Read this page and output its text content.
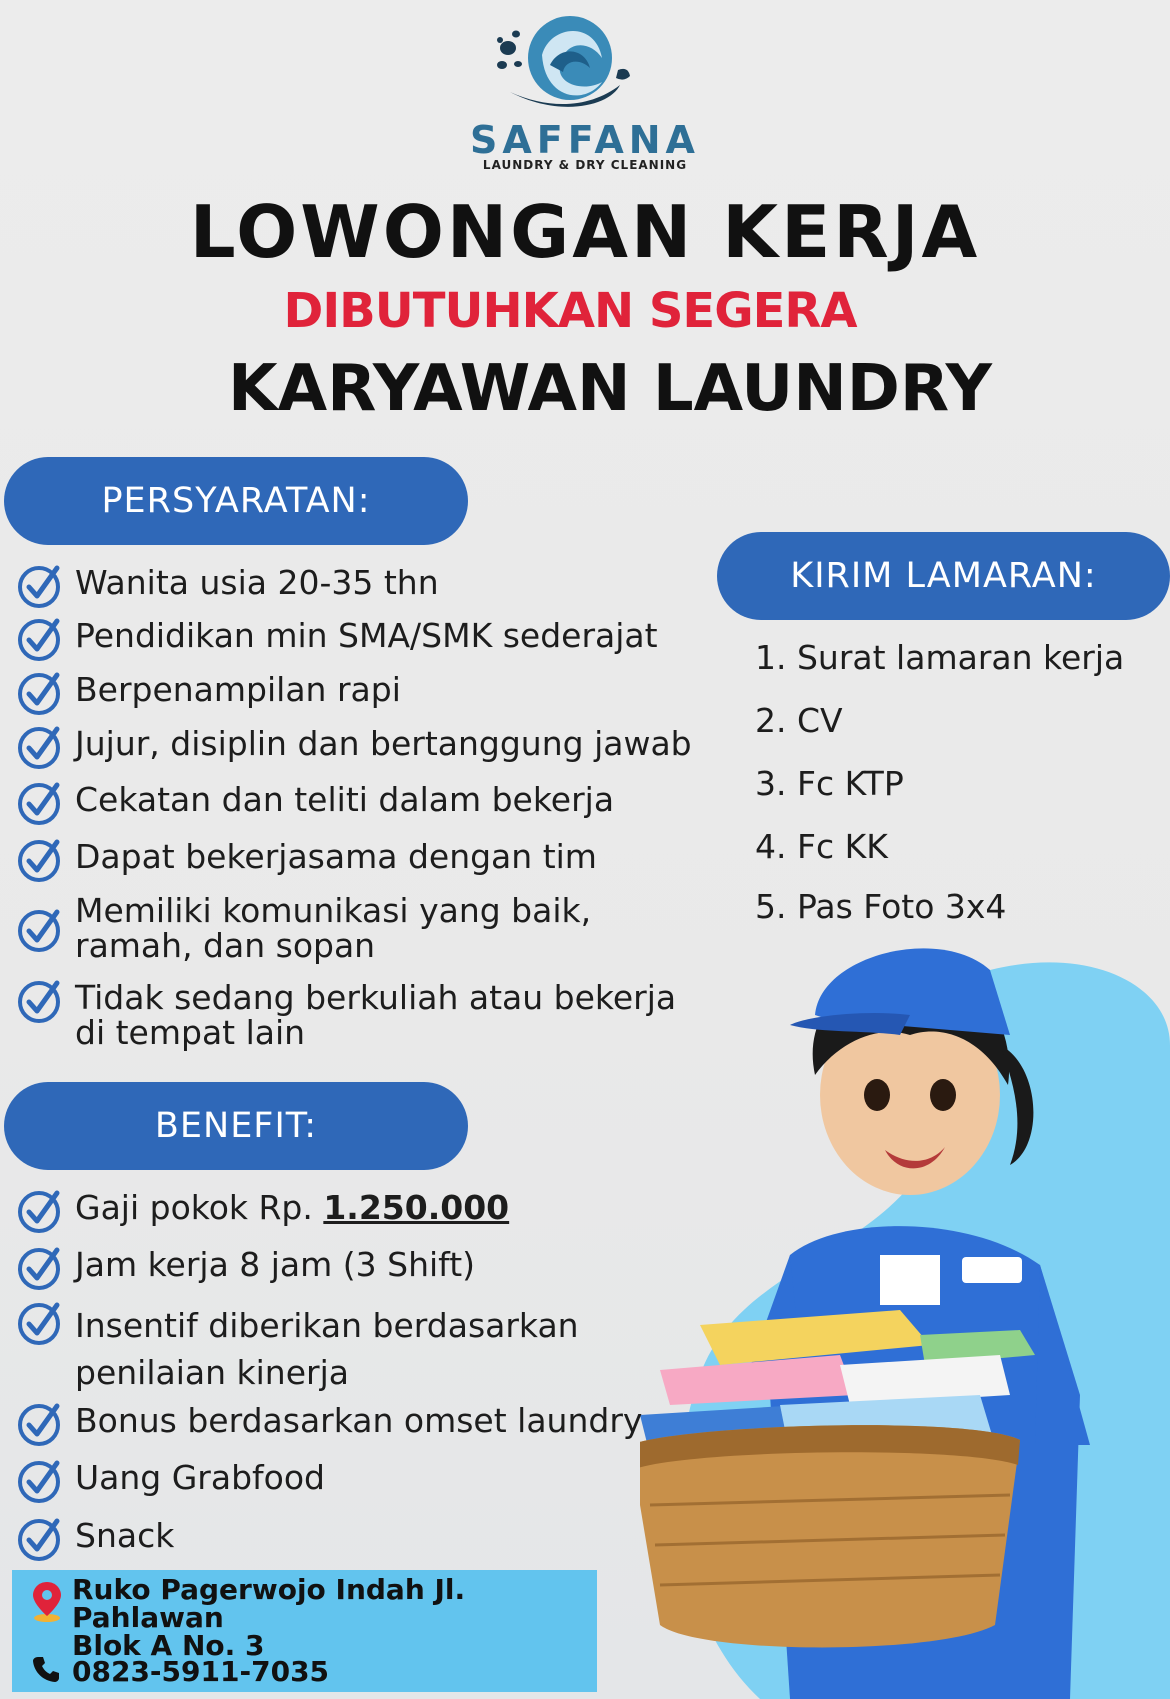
SAFFANA
LAUNDRY & DRY CLEANING
LOWONGAN KERJA
DIBUTUHKAN SEGERA
KARYAWAN LAUNDRY
PERSYARATAN:
Wanita usia 20-35 thn
Pendidikan min SMA/SMK sederajat
Berpenampilan rapi
Jujur, disiplin dan bertanggung jawab
Cekatan dan teliti dalam bekerja
Dapat bekerjasama dengan tim
Memiliki komunikasi yang baik,
ramah, dan sopan
Tidak sedang berkuliah atau bekerja
di tempat lain
KIRIM LAMARAN:
1. Surat lamaran kerja
2. CV
3. Fc KTP
4. Fc KK
5. Pas Foto 3x4
BENEFIT:
Gaji pokok Rp. 1.250.000
Jam kerja 8 jam (3 Shift)
Insentif diberikan berdasarkan
penilaian kinerja
Bonus berdasarkan omset laundry
Uang Grabfood
Snack
Ruko Pagerwojo Indah Jl. Pahlawan
Blok A No. 3
0823-5911-7035
